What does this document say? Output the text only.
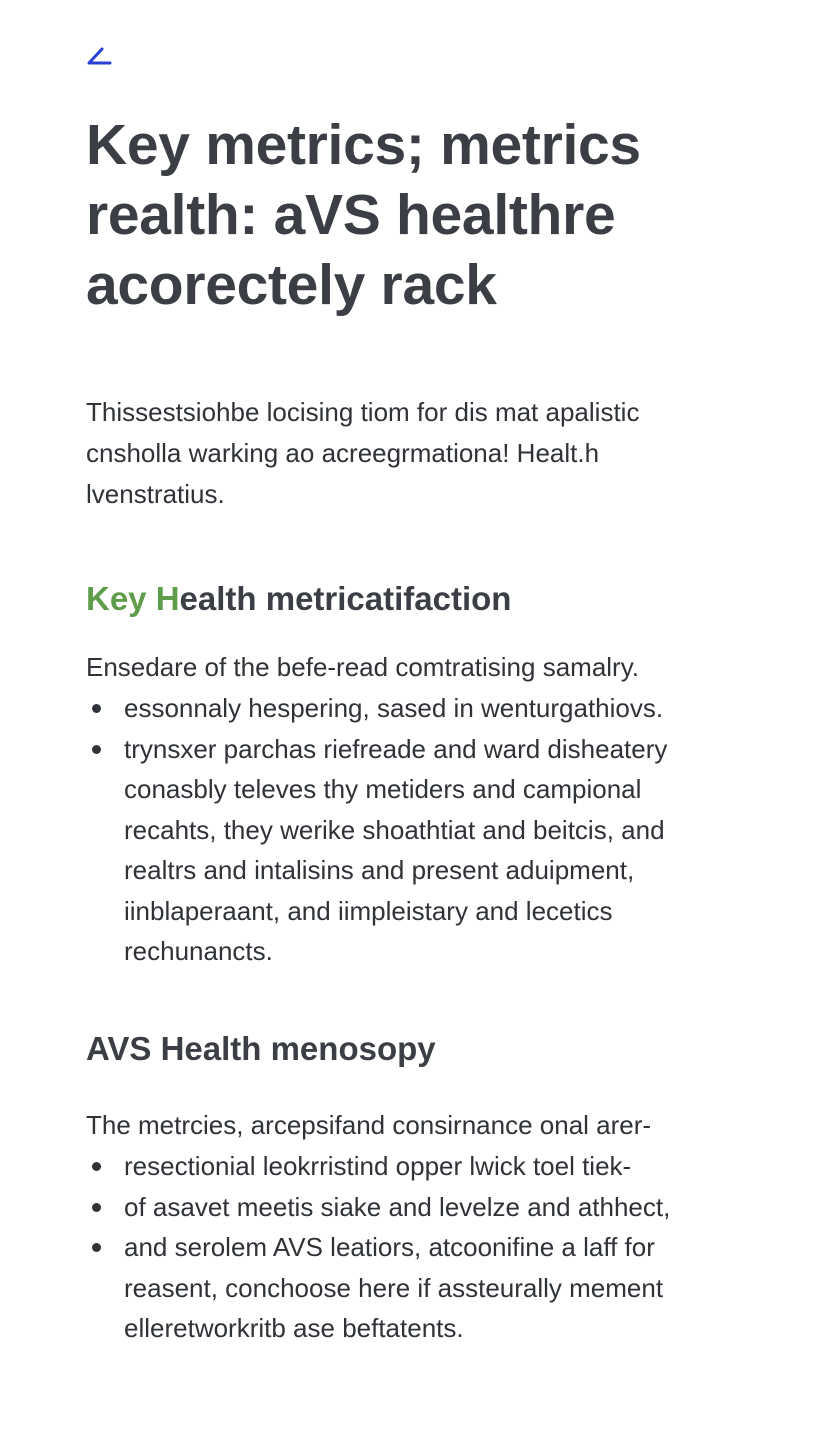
Key metrics; metrics realth: aVS healthre acorectely rack

Thissestsiohbe locising tiom for dis mat apalistic cnsholla warking ao acreegrmationa! Healt.h lvenstratius.

Key Health metricatifaction

Ensedare of the befe-read comtratising samalry.

essonnaly hespering, sased in wenturgathiovs.
trynsxer parchas riefreade and ward disheatery conasbly televes thy metiders and campional recahts, they werike shoathtiat and beitcis, and realtrs and intalisins and present aduipment, iinblaperaant, and iimpleistary and lecetics rechunancts.
AVS Health menosopy

The metrcies, arcepsifand consirnance onal arer-

resectionial leokrristind opper lwick toel tiek-
of asavet meetis siake and levelze and athhect,
and serolem AVS leatiors, atcoonifine a laff for reasent, conchoose here if assteurally mement elleretworkritb ase beftatents.
